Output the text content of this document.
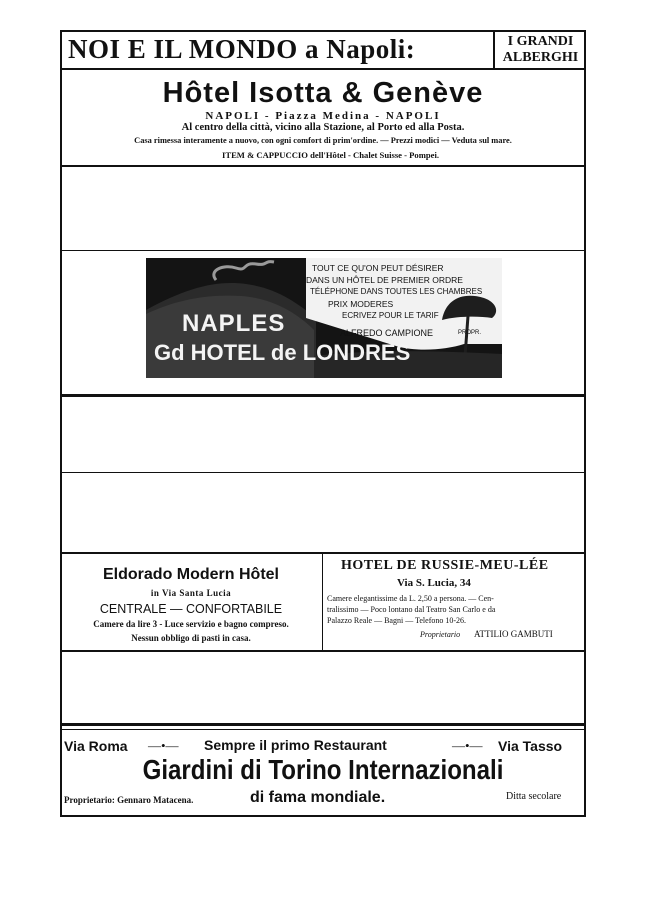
NOI E IL MONDO a Napoli:	I GRANDI
ALBERGHI
Hôtel Isotta & Genève
NAPOLI - Piazza Medina - NAPOLI
Al centro della città, vicino alla Stazione, al Porto ed alla Posta.
Casa rimessa interamente a nuovo, con ogni comfort di prim'ordine. — Prezzi modici — Veduta sul mare.
ITEM & CAPPUCCIO dell'Hôtel - Chalet Suisse - Pompei.
TOUT CE QU'ON PEUT DÉSIRER
DANS UN HÔTEL DE PREMIER ORDRE
TÉLÉPHONE DANS TOUTES LES CHAMBRES
PRIX MODERES
ECRIVEZ POUR LE TARIF
ALFREDO CAMPIONE	PROPR.
NAPLES
Gd HOTEL de LONDRES
Eldorado Modern Hôtel
in Via Santa Lucia
CENTRALE — CONFORTABILE
Camere da lire 3 - Luce servizio e bagno compreso.
Nessun obbligo di pasti in casa.
HOTEL DE RUSSIE-MEU-LÉE
Via S. Lucia, 34
Camere elegantissime da L. 2,50 a persona. — Cen-
tralissimo — Poco lontano dal Teatro San Carlo e da
Palazzo Reale — Bagni — Telefono 10-26.
Proprietario ATTILIO GAMBUTI
Via Roma —•— Sempre il primo Restaurant	—•— Via Tasso
Giardini di Torino Internazionali
Proprietario: Gennaro Matacena.	di fama mondiale.	Ditta secolare
